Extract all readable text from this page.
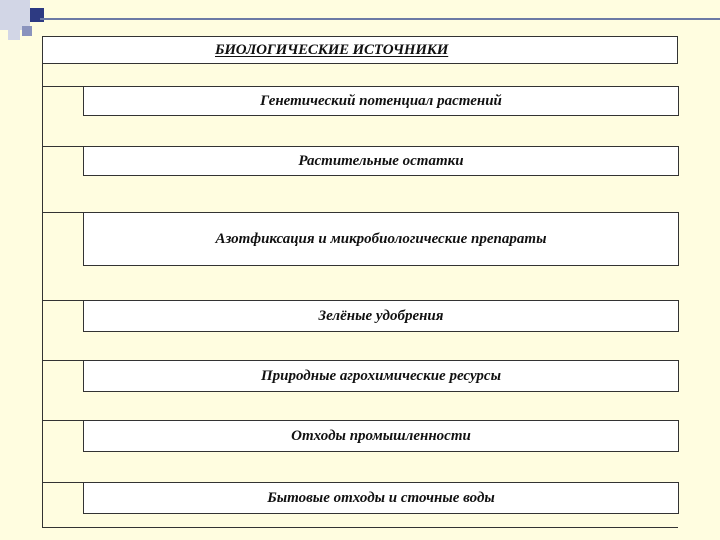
БИОЛОГИЧЕСКИЕ ИСТОЧНИКИ
Генетический потенциал растений
Растительные остатки
Азотфиксация и микробиологические препараты
Зелёные удобрения
Природные агрохимические ресурсы
Отходы промышленности
Бытовые отходы и сточные воды
